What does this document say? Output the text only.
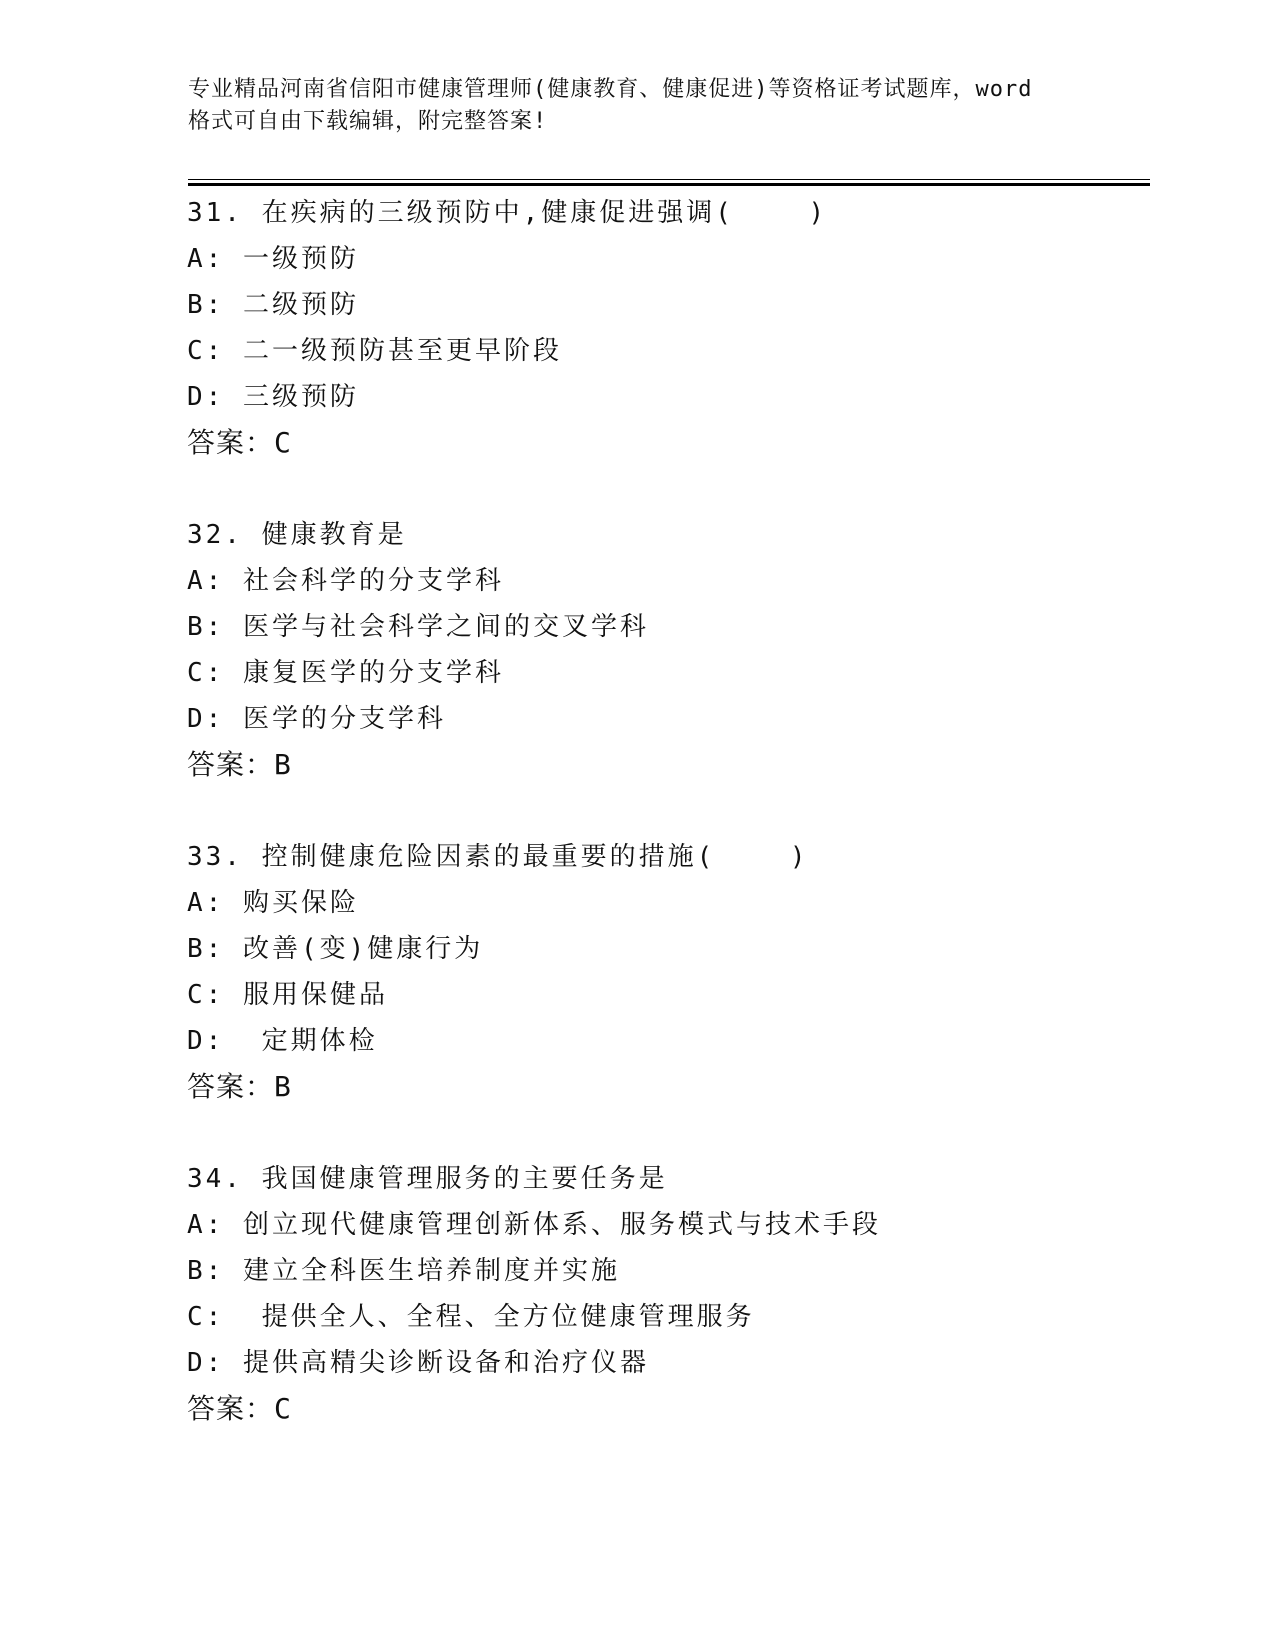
专业精品河南省信阳市健康管理师(健康教育、健康促进)等资格证考试题库，word
格式可自由下载编辑，附完整答案!
31. 在疾病的三级预防中,健康促进强调(    )
A: 一级预防
B: 二级预防
C: 二一级预防甚至更早阶段
D: 三级预防
答案：C
32. 健康教育是
A: 社会科学的分支学科
B: 医学与社会科学之间的交叉学科
C: 康复医学的分支学科
D: 医学的分支学科
答案：B
33. 控制健康危险因素的最重要的措施(    )
A: 购买保险
B: 改善(变)健康行为
C: 服用保健品
D:  定期体检
答案：B
34. 我国健康管理服务的主要任务是
A: 创立现代健康管理创新体系、服务模式与技术手段
B: 建立全科医生培养制度并实施
C:  提供全人、全程、全方位健康管理服务
D: 提供高精尖诊断设备和治疗仪器
答案：C
